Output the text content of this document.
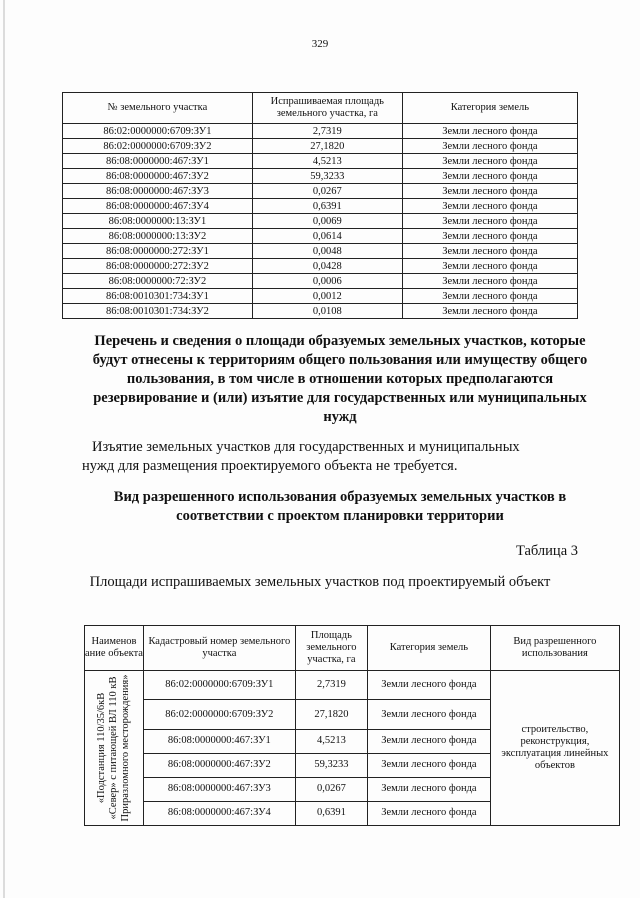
329
№ земельного участка	Испрашиваемая площадь земельного участка, га	Категория земель
86:02:0000000:6709:ЗУ1	2,7319	Земли лесного фонда
86:02:0000000:6709:ЗУ2	27,1820	Земли лесного фонда
86:08:0000000:467:ЗУ1	4,5213	Земли лесного фонда
86:08:0000000:467:ЗУ2	59,3233	Земли лесного фонда
86:08:0000000:467:ЗУ3	0,0267	Земли лесного фонда
86:08:0000000:467:ЗУ4	0,6391	Земли лесного фонда
86:08:0000000:13:ЗУ1	0,0069	Земли лесного фонда
86:08:0000000:13:ЗУ2	0,0614	Земли лесного фонда
86:08:0000000:272:ЗУ1	0,0048	Земли лесного фонда
86:08:0000000:272:ЗУ2	0,0428	Земли лесного фонда
86:08:0000000:72:ЗУ2	0,0006	Земли лесного фонда
86:08:0010301:734:ЗУ1	0,0012	Земли лесного фонда
86:08:0010301:734:ЗУ2	0,0108	Земли лесного фонда
Перечень и сведения о площади образуемых земельных участков, которые будут отнесены к территориям общего пользования или имуществу общего пользования, в том числе в отношении которых предполагаются резервирование и (или) изъятие для государственных или муниципальных нужд
Изъятие земельных участков для государственных и муниципальных
нужд для размещения проектируемого объекта не требуется.
Вид разрешенного использования образуемых земельных участков в соответствии с проектом планировки территории
Таблица 3
Площади испрашиваемых земельных участков под проектируемый объект
Наименов ание объекта	Кадастровый номер земельного участка	Площадь земельного участка, га	Категория земель	Вид разрешенного использования

«Подстанция 110/35/6кВ «Север» с питающей ВЛ 110 кВ Приразломного месторождения»	86:02:0000000:6709:ЗУ1	2,7319	Земли лесного фонда	строительство, реконструкция, эксплуатация линейных объектов
	86:02:0000000:6709:ЗУ2	27,1820	Земли лесного фонда	
	86:08:0000000:467:ЗУ1	4,5213	Земли лесного фонда	
	86:08:0000000:467:ЗУ2	59,3233	Земли лесного фонда	
	86:08:0000000:467:ЗУ3	0,0267	Земли лесного фонда	
	86:08:0000000:467:ЗУ4	0,6391	Земли лесного фонда	
